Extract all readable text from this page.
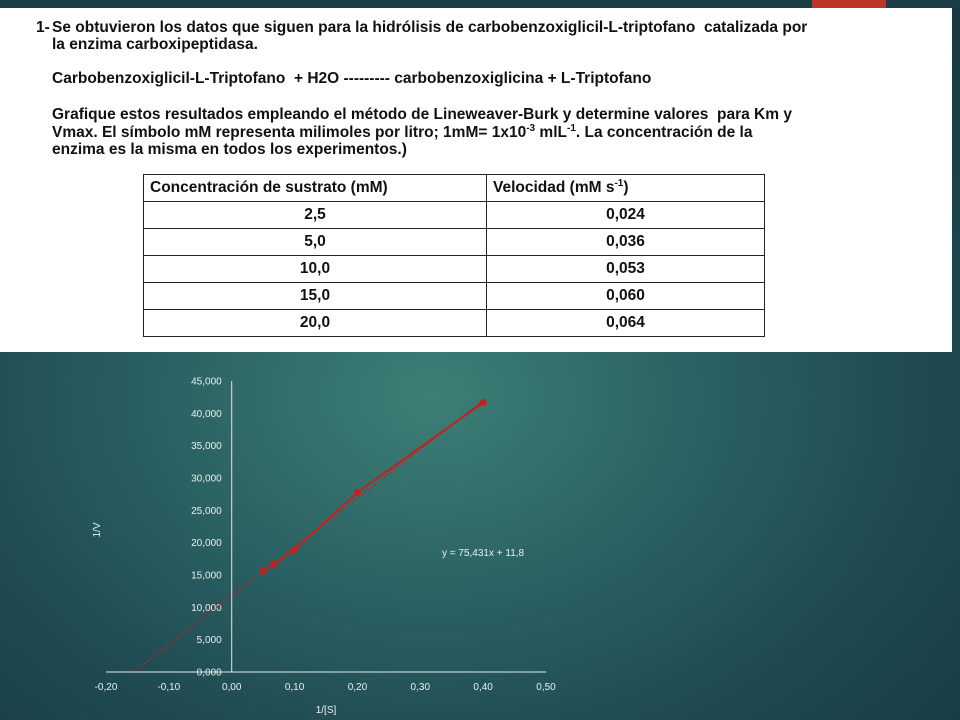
1- Se obtuvieron los datos que siguen para la hidrólisis de carbobenzoxiglicil-L-triptofano  catalizada por
la enzima carboxipeptidasa.
Carbobenzoxiglicil-L-Triptofano  + H2O --------- carbobenzoxiglicina + L-Triptofano
Grafique estos resultados empleando el método de Lineweaver-Burk y determine valores  para Km y
Vmax. El símbolo mM representa milimoles por litro; $1mM= 1x10^{-3}$ mlL$^{-1}$. La concentración de la
enzima es la misma en todos los experimentos.)
Concentración de sustrato (mM)	Velocidad (mM $s^{-1}$)
2,5	0,024
5,0	0,036
10,0	0,053
15,0	0,060
20,0	0,064
-0,20	-0,10	0,00	0,10	0,20	0,30	0,40	0,50
0,000
5,000
10,000
15,000
20,000
25,000
30,000
35,000
40,000
45,000
y = 75,431x + 11,8
1/[S]
1/V
